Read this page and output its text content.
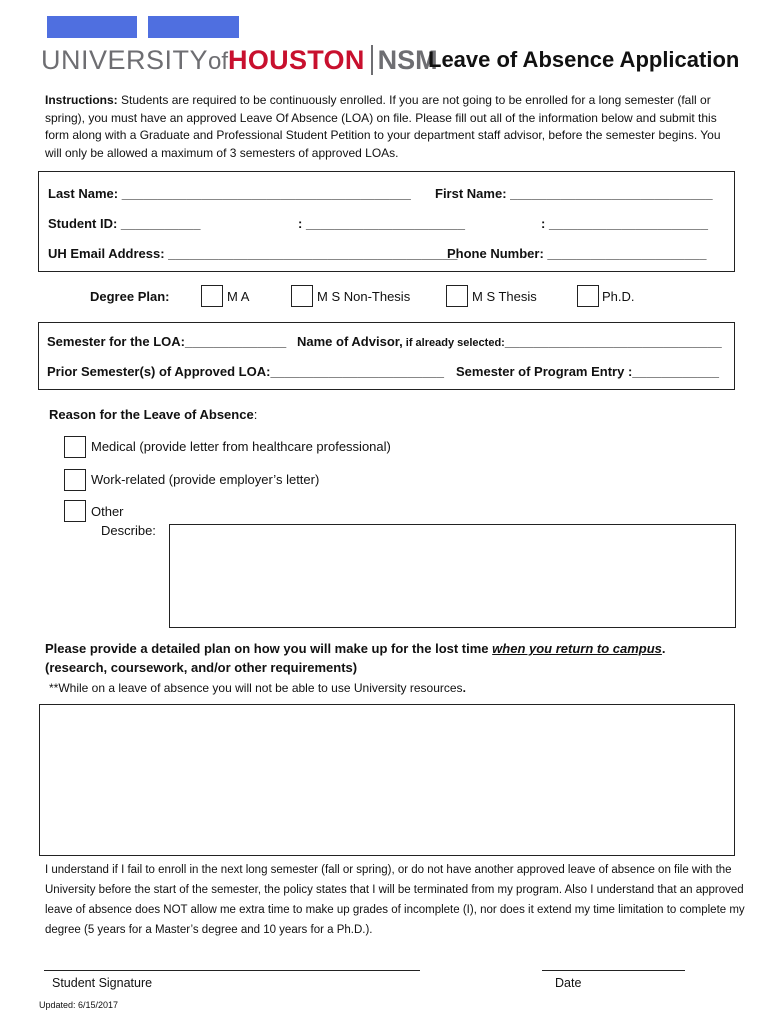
UNIVERSITY of HOUSTON NSM
Leave of Absence Application
Instructions: Students are required to be continuously enrolled. If you are not going to be enrolled for a long semester (fall or spring), you must have an approved Leave Of Absence (LOA) on file. Please fill out all of the information below and submit this form along with a Graduate and Professional Student Petition to your department staff advisor, before the semester begins. You will only be allowed a maximum of 3 semesters of approved LOAs.
Last Name: ________________________________________ First Name: ____________________________
Student ID: ___________	: ______________________	: ______________________
UH Email Address: ________________________________________
Phone Number: ______________________
Degree Plan:	M A	M S Non-Thesis	M S Thesis	Ph.D.
Semester for the LOA:______________ Name of Advisor, if already selected:______________________________
Prior Semester(s) of Approved LOA:________________________ Semester of Program Entry :____________
Reason for the Leave of Absence:
Medical (provide letter from healthcare professional)
Work-related (provide employer’s letter)
Other
Describe:
Please provide a detailed plan on how you will make up for the lost time when you return to campus.
(research, coursework, and/or other requirements)
**While on a leave of absence you will not be able to use University resources.
I understand if I fail to enroll in the next long semester (fall or spring), or do not have another approved leave of absence on file with the University before the start of the semester, the policy states that I will be terminated from my program. Also I understand that an approved leave of absence does NOT allow me extra time to make up grades of incomplete (I), nor does it extend my time limitation to complete my degree (5 years for a Master’s degree and 10 years for a Ph.D.).
Student Signature	Date
Updated: 6/15/2017
